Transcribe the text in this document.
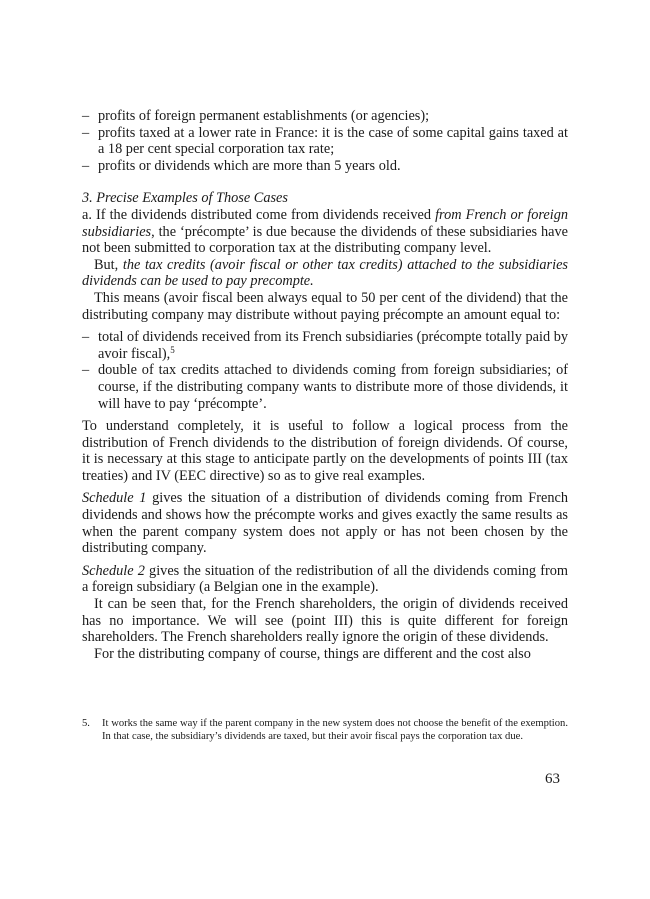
– profits of foreign permanent establishments (or agencies);
– profits taxed at a lower rate in France: it is the case of some capital gains taxed at a 18 per cent special corporation tax rate;
– profits or dividends which are more than 5 years old.
3. Precise Examples of Those Cases
a. If the dividends distributed come from dividends received from French or foreign subsidiaries, the ‘précompte’ is due because the dividends of these subsidiaries have not been submitted to corporation tax at the distributing company level.
But, the tax credits (avoir fiscal or other tax credits) attached to the subsidiaries dividends can be used to pay precompte.
This means (avoir fiscal been always equal to 50 per cent of the dividend) that the distributing company may distribute without paying précompte an amount equal to:
– total of dividends received from its French subsidiaries (précompte totally paid by avoir fiscal),$^5$
– double of tax credits attached to dividends coming from foreign subsidiaries; of course, if the distributing company wants to distribute more of those dividends, it will have to pay ‘précompte’.
To understand completely, it is useful to follow a logical process from the distribution of French dividends to the distribution of foreign dividends. Of course, it is necessary at this stage to anticipate partly on the developments of points III (tax treaties) and IV (EEC directive) so as to give real examples.
Schedule 1 gives the situation of a distribution of dividends coming from French dividends and shows how the précompte works and gives exactly the same results as when the parent company system does not apply or has not been chosen by the distributing company.
Schedule 2 gives the situation of the redistribution of all the dividends coming from a foreign subsidiary (a Belgian one in the example).
It can be seen that, for the French shareholders, the origin of dividends received has no importance. We will see (point III) this is quite different for foreign shareholders. The French shareholders really ignore the origin of these dividends.
For the distributing company of course, things are different and the cost also
5.	It works the same way if the parent company in the new system does not choose the benefit of the exemption. In that case, the subsidiary’s dividends are taxed, but their avoir fiscal pays the corporation tax due.
63
